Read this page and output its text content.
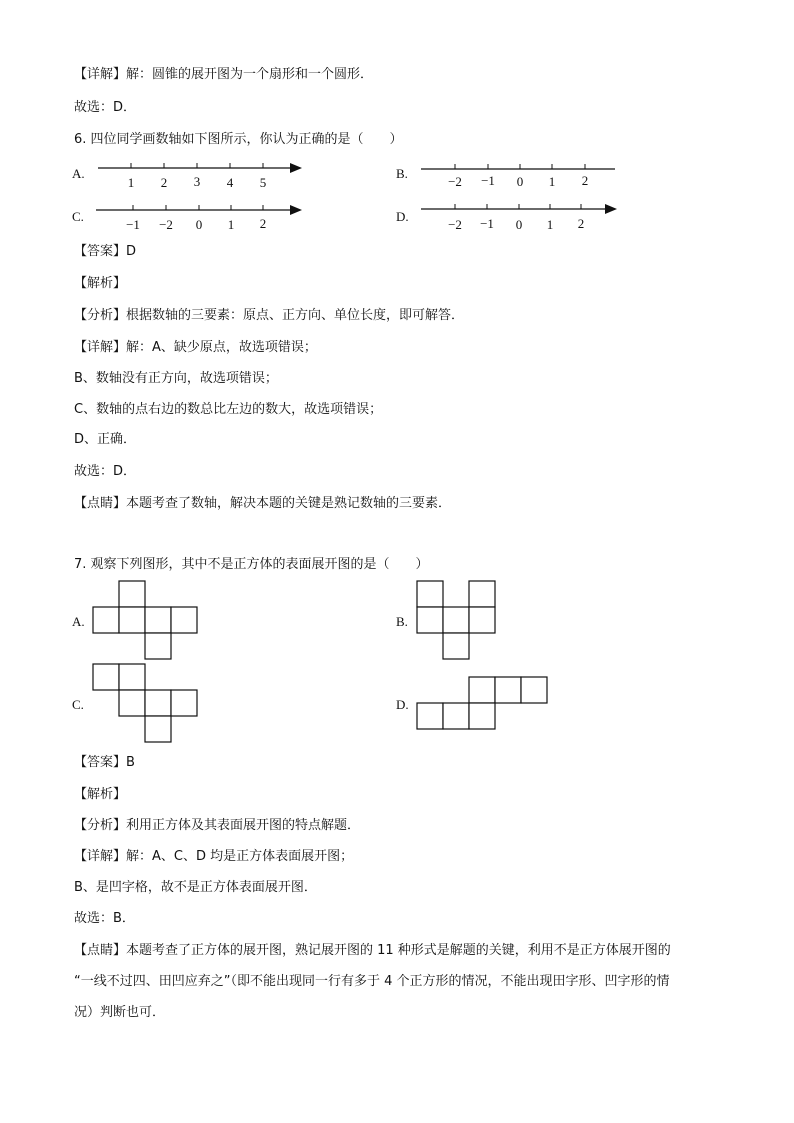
【详解】解：圆锥的展开图为一个扇形和一个圆形．
故选：D．
6. 四位同学画数轴如下图所示，你认为正确的是（　　）
A.	B.
C.	D.
1 2 3 4 5	−2 −1 0 1 2
−1 −2 0 1 2	−2 −1 0 1 2
【答案】D
【解析】
【分析】根据数轴的三要素：原点、正方向、单位长度，即可解答．
【详解】解：A、缺少原点，故选项错误；
B、数轴没有正方向，故选项错误；
C、数轴的点右边的数总比左边的数大，故选项错误；
D、正确．
故选：D．
【点睛】本题考查了数轴，解决本题的关键是熟记数轴的三要素．
7. 观察下列图形，其中不是正方体的表面展开图的是（　　）
A.	B.
C.	D.
【答案】B
【解析】
【分析】利用正方体及其表面展开图的特点解题．
【详解】解：A、C、D 均是正方体表面展开图；
B、是凹字格，故不是正方体表面展开图．
故选：B．
【点睛】本题考查了正方体的展开图，熟记展开图的 11 种形式是解题的关键，利用不是正方体展开图的
“一线不过四、田凹应弃之”（即不能出现同一行有多于 4 个正方形的情况，不能出现田字形、凹字形的情
况）判断也可．
